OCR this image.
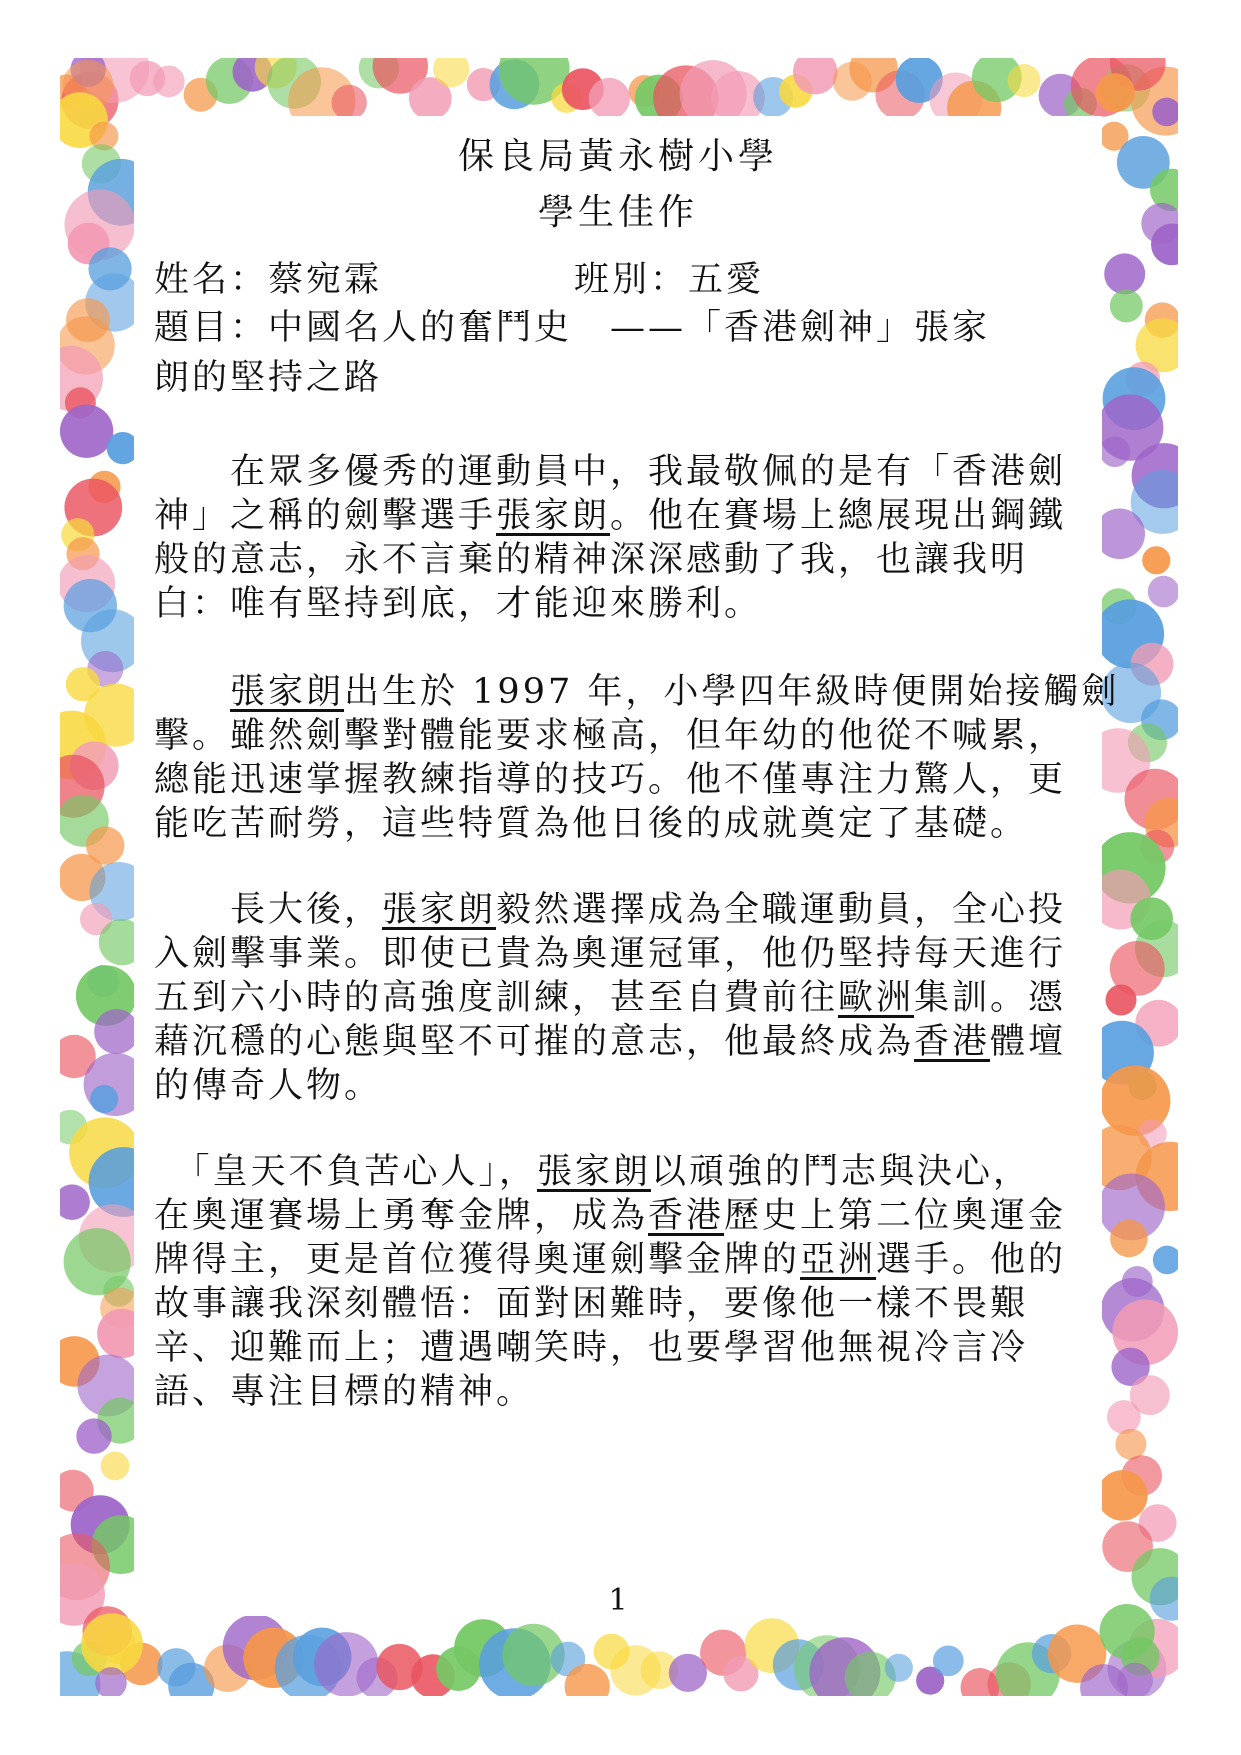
保良局黃永樹小學
學生佳作

姓名：蔡宛霖	班別：五愛

題目：中國名人的奮鬥史　——「香港劍神」張家

朗的堅持之路

　　在眾多優秀的運動員中，我最敬佩的是有「香港劍

神」之稱的劍擊選手張家朗。他在賽場上總展現出鋼鐵

般的意志，永不言棄的精神深深感動了我，也讓我明

白：唯有堅持到底，才能迎來勝利。

　　張家朗出生於 1997 年，小學四年級時便開始接觸劍

擊。雖然劍擊對體能要求極高，但年幼的他從不喊累，

總能迅速掌握教練指導的技巧。他不僅專注力驚人，更

能吃苦耐勞，這些特質為他日後的成就奠定了基礎。

　　長大後，張家朗毅然選擇成為全職運動員，全心投

入劍擊事業。即使已貴為奧運冠軍，他仍堅持每天進行

五到六小時的高強度訓練，甚至自費前往歐洲集訓。憑

藉沉穩的心態與堅不可摧的意志，他最終成為香港體壇

的傳奇人物。

　「皇天不負苦心人」，張家朗以頑強的鬥志與決心，

在奧運賽場上勇奪金牌，成為香港歷史上第二位奧運金

牌得主，更是首位獲得奧運劍擊金牌的亞洲選手。他的

故事讓我深刻體悟：面對困難時，要像他一樣不畏艱

辛、迎難而上；遭遇嘲笑時，也要學習他無視冷言冷

語、專注目標的精神。

1
